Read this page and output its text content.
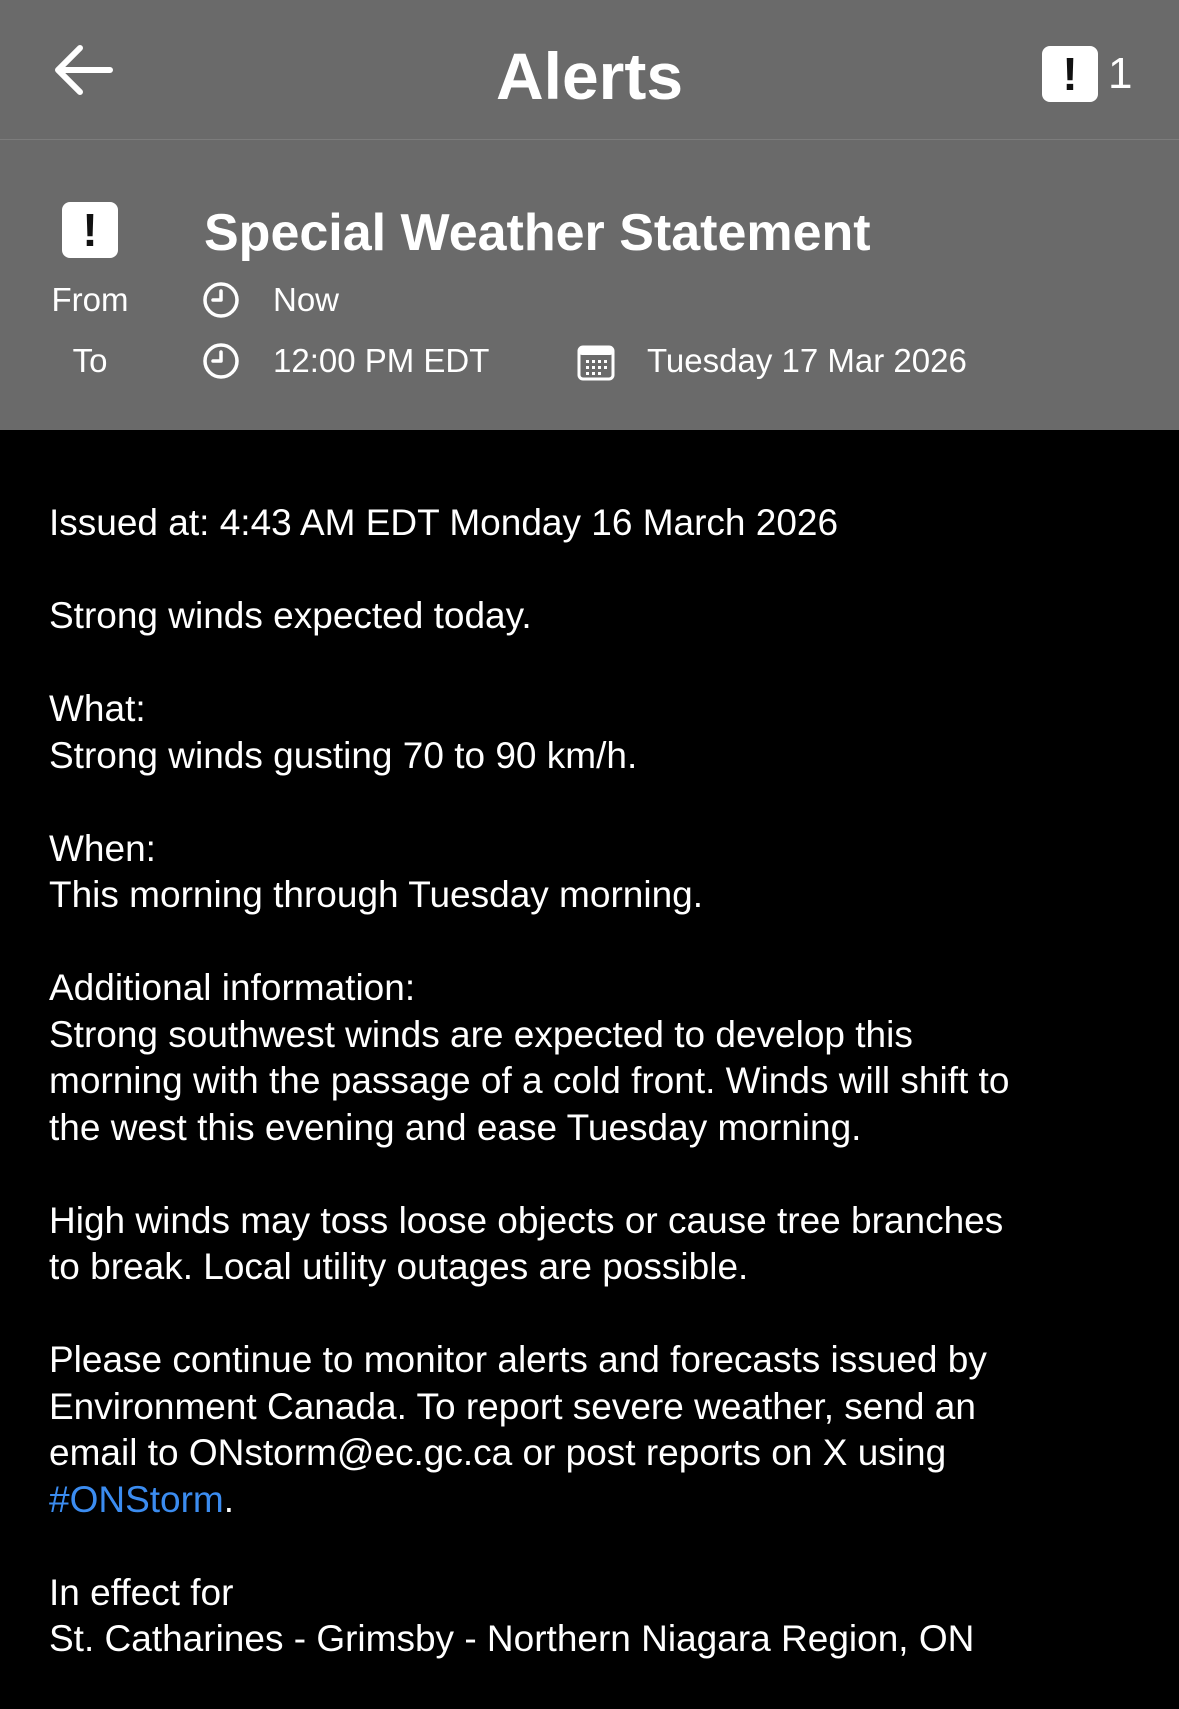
Alerts	! 1
!	Special Weather Statement
From	Now
To	12:00 PM EDT	Tuesday 17 Mar 2026

Issued at: 4:43 AM EDT Monday 16 March 2026

Strong winds expected today.

What:
Strong winds gusting 70 to 90 km/h.

When:
This morning through Tuesday morning.

Additional information:
Strong southwest winds are expected to develop this
morning with the passage of a cold front. Winds will shift to
the west this evening and ease Tuesday morning.

High winds may toss loose objects or cause tree branches
to break. Local utility outages are possible.

Please continue to monitor alerts and forecasts issued by
Environment Canada. To report severe weather, send an
email to ONstorm@ec.gc.ca or post reports on X using
#ONStorm.

In effect for
St. Catharines - Grimsby - Northern Niagara Region, ON
